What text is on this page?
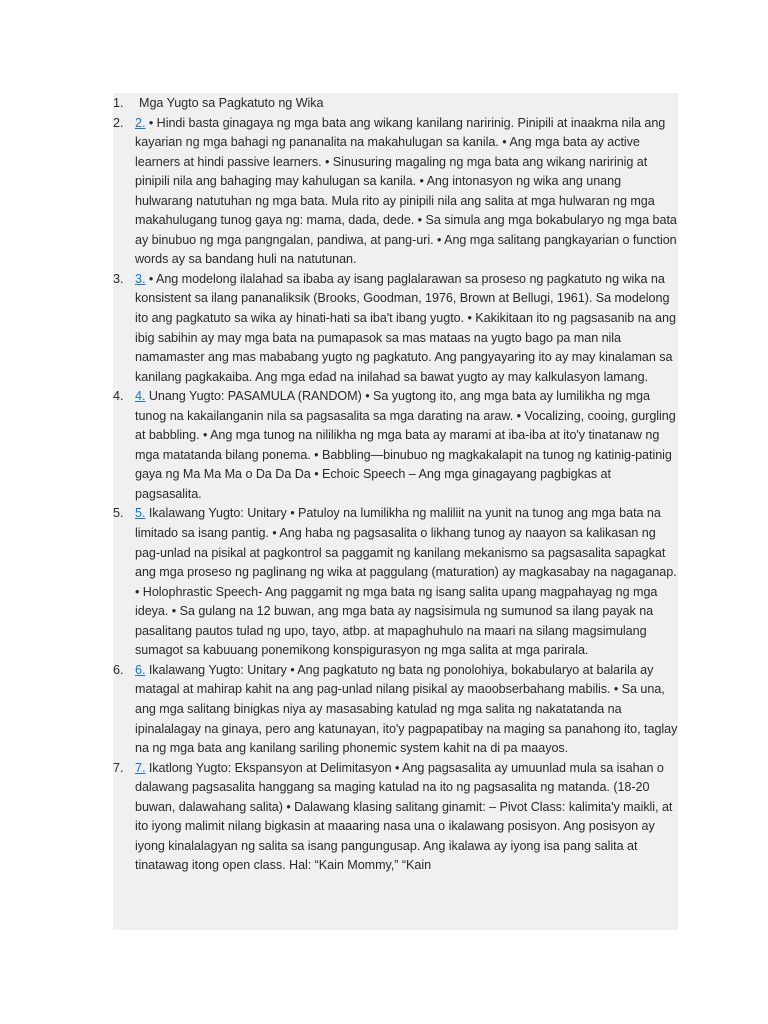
1.	Mga Yugto sa Pagkatuto ng Wika
2. 2. • Hindi basta ginagaya ng mga bata ang wikang kanilang naririnig. Pinipili at inaakma nila ang kayarian ng mga bahagi ng pananalita na makahulugan sa kanila. • Ang mga bata ay active learners at hindi passive learners. • Sinusuring magaling ng mga bata ang wikang naririnig at pinipili nila ang bahaging may kahulugan sa kanila. • Ang intonasyon ng wika ang unang hulwarang natutuhan ng mga bata. Mula rito ay pinipili nila ang salita at mga hulwaran ng mga makahulugang tunog gaya ng: mama, dada, dede. • Sa simula ang mga bokabularyo ng mga bata ay binubuo ng mga pangngalan, pandiwa, at pang-uri. • Ang mga salitang pangkayarian o function words ay sa bandang huli na natutunan.
3. 3. • Ang modelong ilalahad sa ibaba ay isang paglalarawan sa proseso ng pagkatuto ng wika na konsistent sa ilang pananaliksik (Brooks, Goodman, 1976, Brown at Bellugi, 1961). Sa modelong ito ang pagkatuto sa wika ay hinati-hati sa iba't ibang yugto. • Kakikitaan ito ng pagsasanib na ang ibig sabihin ay may mga bata na pumapasok sa mas mataas na yugto bago pa man nila namamaster ang mas mababang yugto ng pagkatuto. Ang pangyayaring ito ay may kinalaman sa kanilang pagkakaiba. Ang mga edad na inilahad sa bawat yugto ay may kalkulasyon lamang.
4. 4. Unang Yugto: PASAMULA (RANDOM) • Sa yugtong ito, ang mga bata ay lumilikha ng mga tunog na kakailanganin nila sa pagsasalita sa mga darating na araw. • Vocalizing, cooing, gurgling at babbling. • Ang mga tunog na nililikha ng mga bata ay marami at iba-iba at ito'y tinatanaw ng mga matatanda bilang ponema. • Babbling—binubuo ng magkakalapit na tunog ng katinig-patinig gaya ng Ma Ma Ma o Da Da Da • Echoic Speech – Ang mga ginagayang pagbigkas at pagsasalita.
5. 5. Ikalawang Yugto: Unitary • Patuloy na lumilikha ng maliliit na yunit na tunog ang mga bata na limitado sa isang pantig. • Ang haba ng pagsasalita o likhang tunog ay naayon sa kalikasan ng pag-unlad na pisikal at pagkontrol sa paggamit ng kanilang mekanismo sa pagsasalita sapagkat ang mga proseso ng paglinang ng wika at paggulang (maturation) ay magkasabay na nagaganap. • Holophrastic Speech- Ang paggamit ng mga bata ng isang salita upang magpahayag ng mga ideya. • Sa gulang na 12 buwan, ang mga bata ay nagsisimula ng sumunod sa ilang payak na pasalitang pautos tulad ng upo, tayo, atbp. at mapaghuhulo na maari na silang magsimulang sumagot sa kabuuang ponemikong konspigurasyon ng mga salita at mga parirala.
6. 6. Ikalawang Yugto: Unitary • Ang pagkatuto ng bata ng ponolohiya, bokabularyo at balarila ay matagal at mahirap kahit na ang pag-unlad nilang pisikal ay maoobserbahang mabilis. • Sa una, ang mga salitang binigkas niya ay masasabing katulad ng mga salita ng nakatatanda na ipinalalagay na ginaya, pero ang katunayan, ito'y pagpapatibay na maging sa panahong ito, taglay na ng mga bata ang kanilang sariling phonemic system kahit na di pa maayos.
7. 7. Ikatlong Yugto: Ekspansyon at Delimitasyon • Ang pagsasalita ay umuunlad mula sa isahan o dalawang pagsasalita hanggang sa maging katulad na ito ng pagsasalita ng matanda. (18-20 buwan, dalawahang salita) • Dalawang klasing salitang ginamit: – Pivot Class: kalimita'y maikli, at ito iyong malimit nilang bigkasin at maaaring nasa una o ikalawang posisyon. Ang posisyon ay iyong kinalalagyan ng salita sa isang pangungusap. Ang ikalawa ay iyong isa pang salita at tinatawag itong open class. Hal: “Kain Mommy,” “Kain
